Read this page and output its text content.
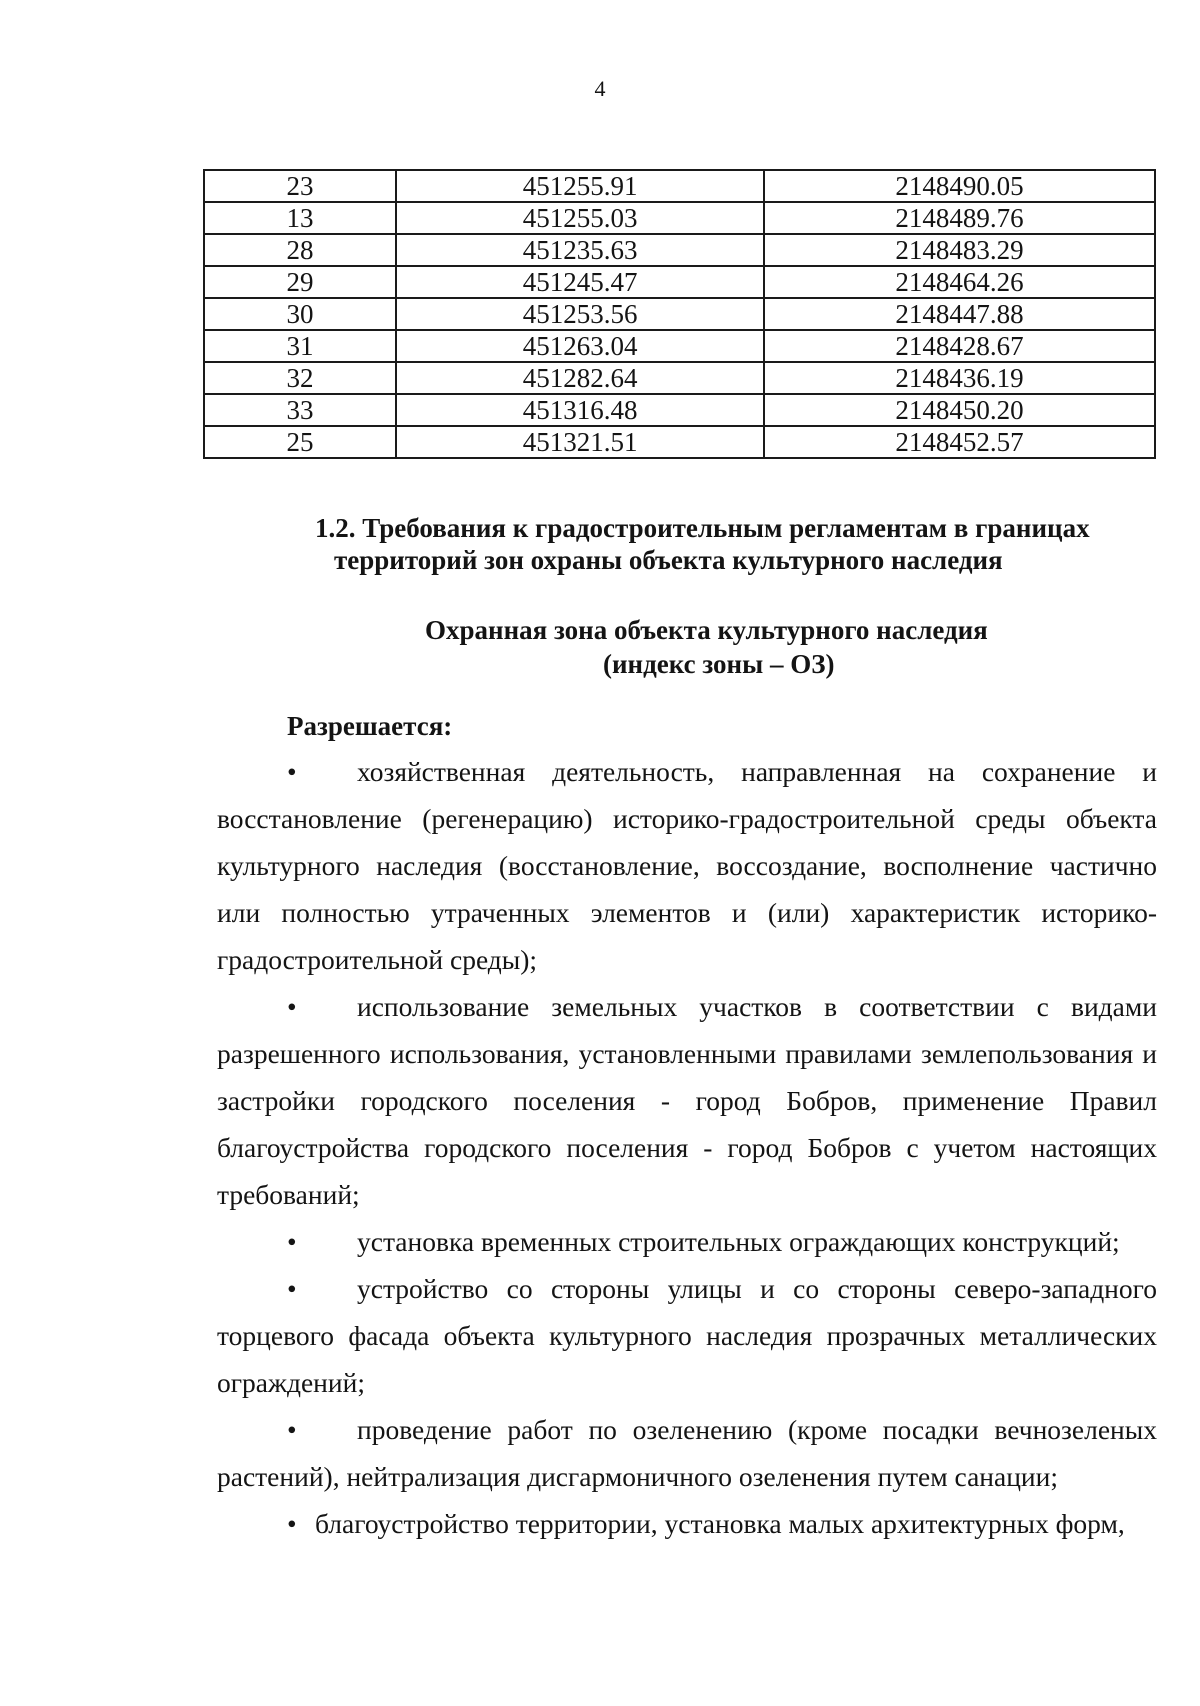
4
23	451255.91	2148490.05
13	451255.03	2148489.76
28	451235.63	2148483.29
29	451245.47	2148464.26
30	451253.56	2148447.88
31	451263.04	2148428.67
32	451282.64	2148436.19
33	451316.48	2148450.20
25	451321.51	2148452.57
1.2. Требования к градостроительным регламентам в границах
территорий зон охраны объекта культурного наследия
Охранная зона объекта культурного наследия
(индекс зоны – ОЗ)
Разрешается:

•	хозяйственная деятельность, направленная на сохранение и восстановление (регенерацию) историко-градостроительной среды объекта культурного наследия (восстановление, воссоздание, восполнение частично или полностью утраченных элементов и (или) характеристик историко-градостроительной среды);

•	использование земельных участков в соответствии с видами разрешенного использования, установленными правилами землепользования и застройки городского поселения - город Бобров, применение Правил благоустройства городского поселения - город Бобров с учетом настоящих требований;

•	установка временных строительных ограждающих конструкций;

•	устройство со стороны улицы и со стороны северо-западного торцевого фасада объекта культурного наследия прозрачных металлических ограждений;

•	проведение работ по озеленению (кроме посадки вечнозеленых растений), нейтрализация дисгармоничного озеленения путем санации;

• благоустройство территории, установка малых архитектурных форм,
